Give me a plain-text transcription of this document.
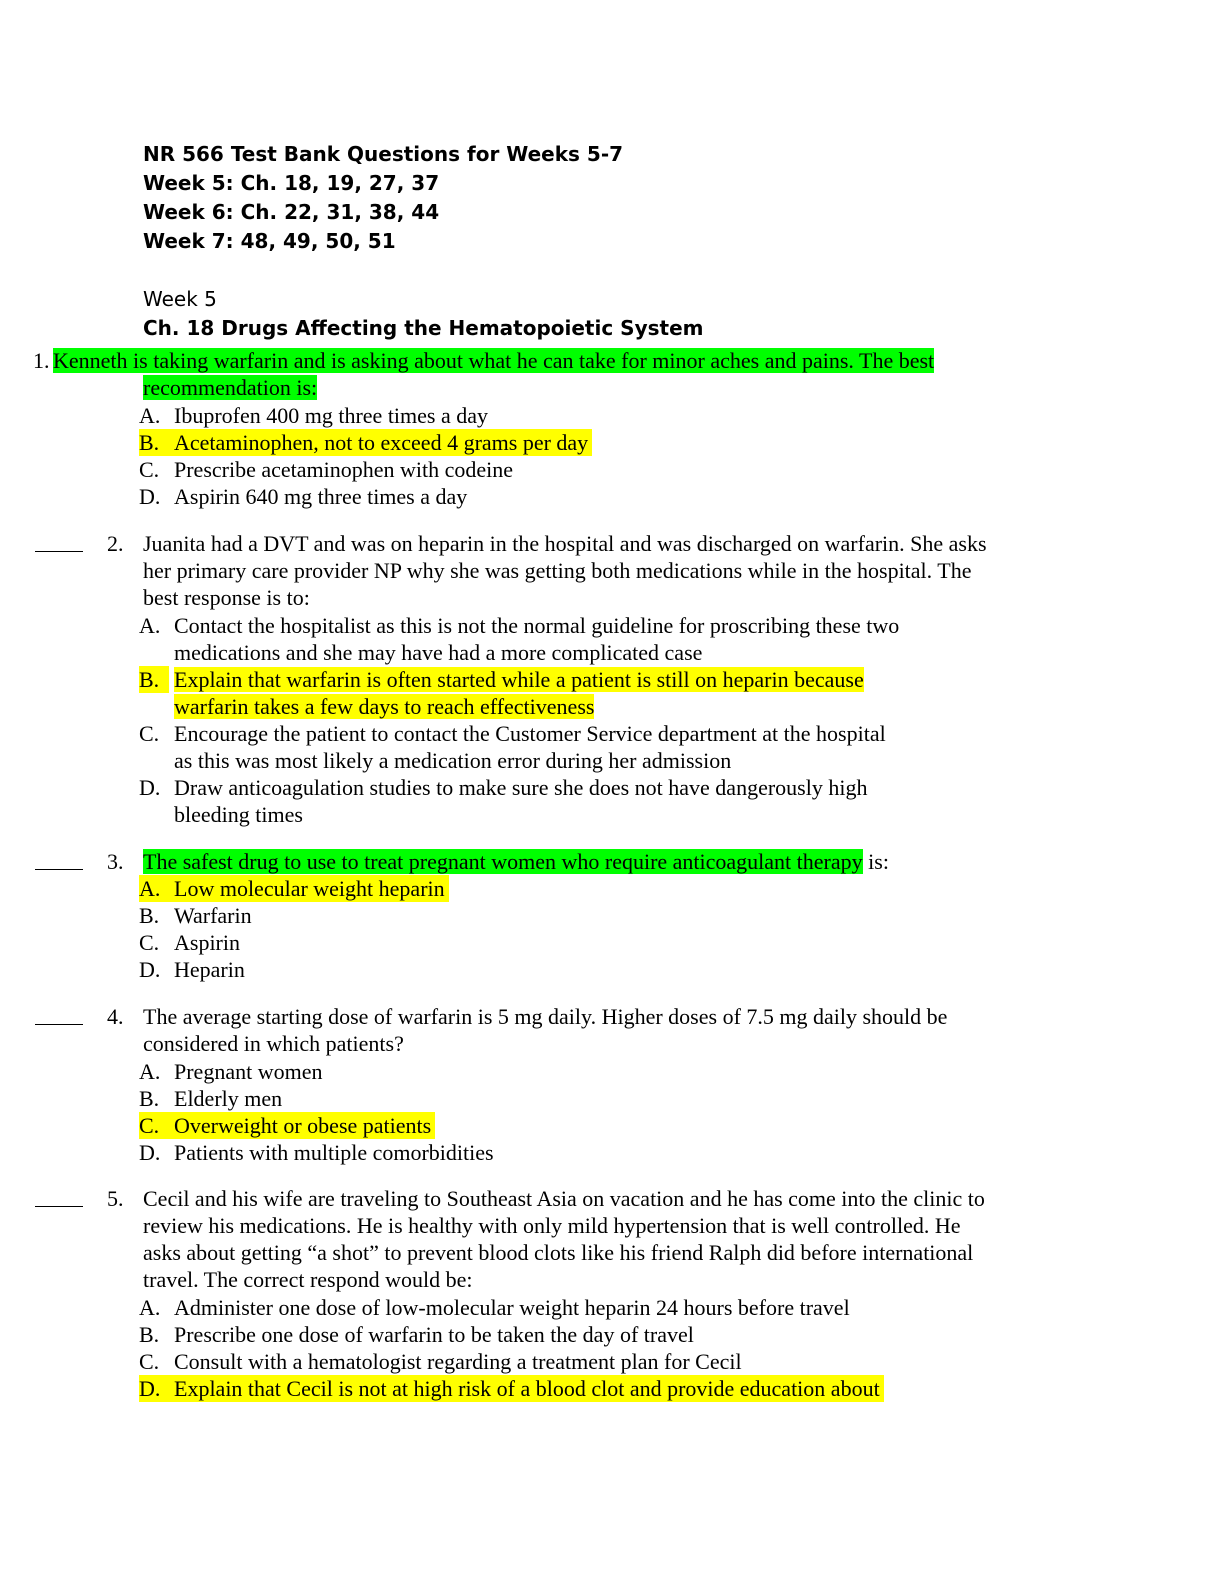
NR 566 Test Bank Questions for Weeks 5-7
Week 5: Ch. 18, 19, 27, 37
Week 6: Ch. 22, 31, 38, 44
Week 7: 48, 49, 50, 51
Week 5
Ch. 18 Drugs Affecting the Hematopoietic System
1. Kenneth is taking warfarin and is asking about what he can take for minor aches and pains. The best
recommendation is:
A. Ibuprofen 400 mg three times a day
B. Acetaminophen, not to exceed 4 grams per day
C. Prescribe acetaminophen with codeine
D. Aspirin 640 mg three times a day
2. Juanita had a DVT and was on heparin in the hospital and was discharged on warfarin. She asks
her primary care provider NP why she was getting both medications while in the hospital. The
best response is to:
A. Contact the hospitalist as this is not the normal guideline for proscribing these two
medications and she may have had a more complicated case
B. Explain that warfarin is often started while a patient is still on heparin because
warfarin takes a few days to reach effectiveness
C. Encourage the patient to contact the Customer Service department at the hospital
as this was most likely a medication error during her admission
D. Draw anticoagulation studies to make sure she does not have dangerously high
bleeding times
3. The safest drug to use to treat pregnant women who require anticoagulant therapy is:
A. Low molecular weight heparin
B. Warfarin
C. Aspirin
D. Heparin
4. The average starting dose of warfarin is 5 mg daily. Higher doses of 7.5 mg daily should be
considered in which patients?
A. Pregnant women
B. Elderly men
C. Overweight or obese patients
D. Patients with multiple comorbidities
5. Cecil and his wife are traveling to Southeast Asia on vacation and he has come into the clinic to
review his medications. He is healthy with only mild hypertension that is well controlled. He
asks about getting “a shot” to prevent blood clots like his friend Ralph did before international
travel. The correct respond would be:
A. Administer one dose of low-molecular weight heparin 24 hours before travel
B. Prescribe one dose of warfarin to be taken the day of travel
C. Consult with a hematologist regarding a treatment plan for Cecil
D. Explain that Cecil is not at high risk of a blood clot and provide education about
